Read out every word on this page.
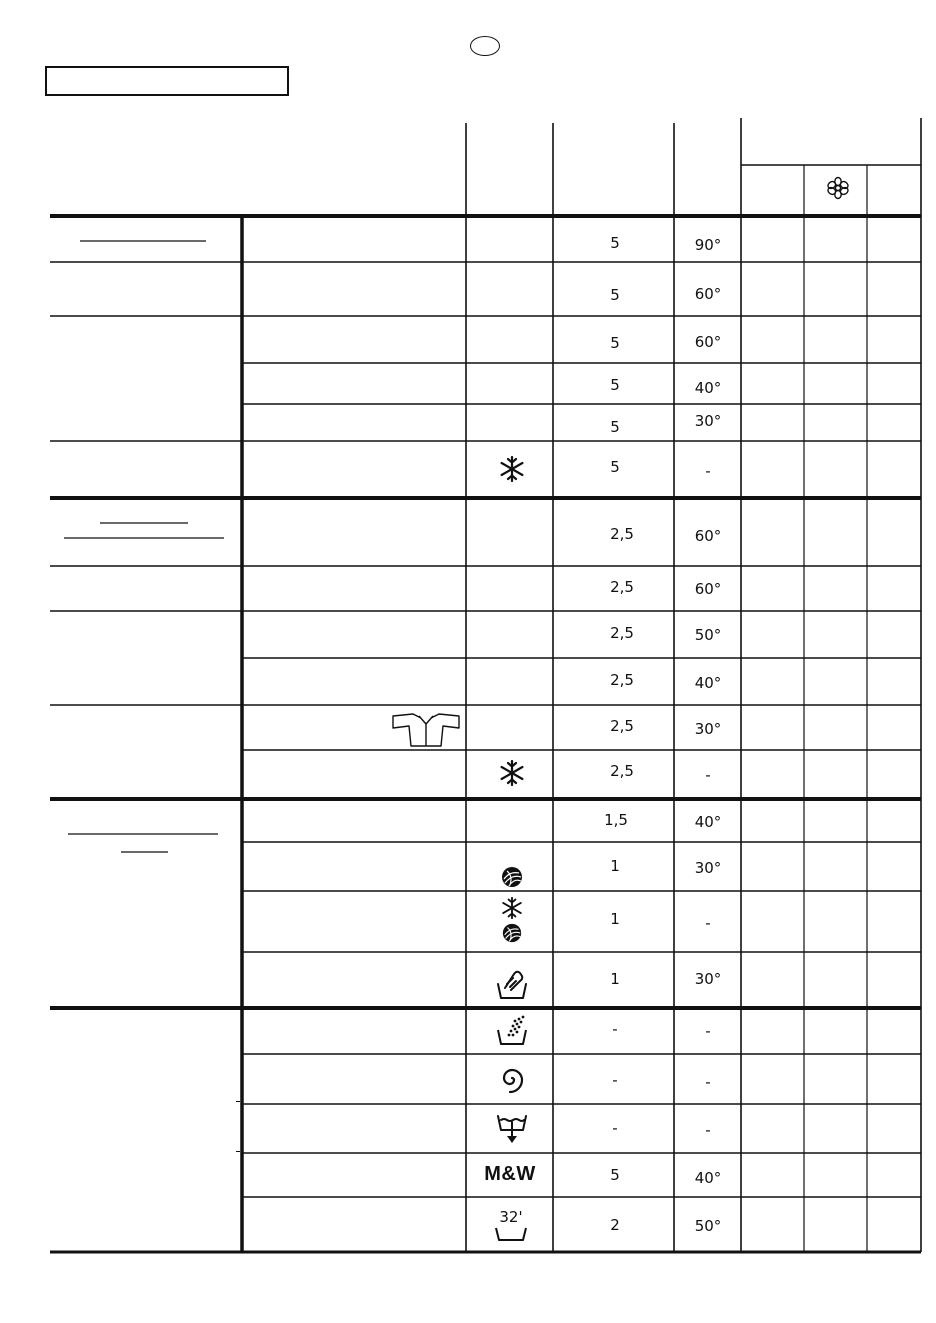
5
5
5
5
5
5
2,5
2,5
2,5
2,5
2,5
2,5
1,5
1
1
1
-
-
-
5
2
90°
60°
60°
40°
30°
-
60°
60°
50°
40°
30°
-
40°
30°
-
30°
-
-
-
40°
50°
M&W
32'
